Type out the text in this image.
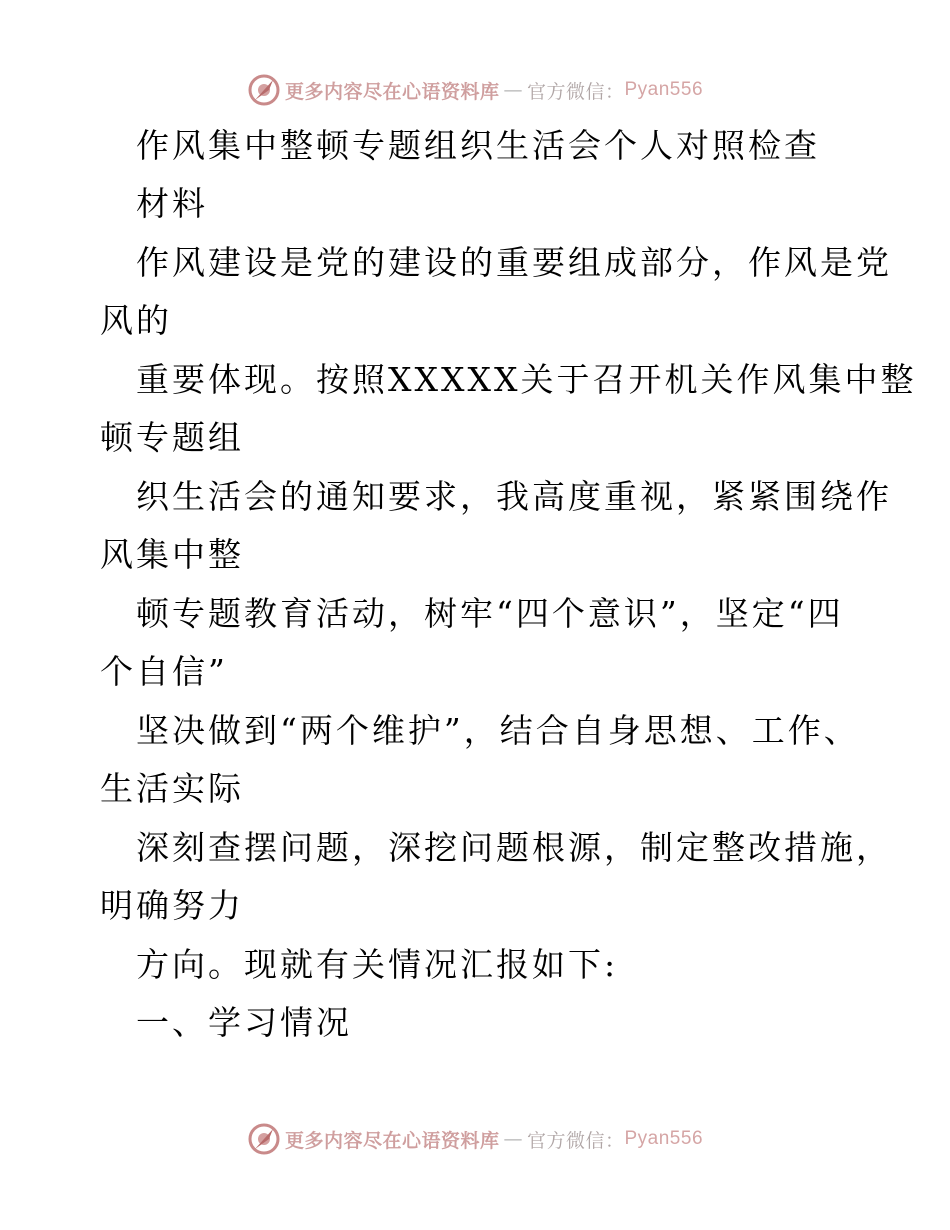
更多内容尽在心语资料库 — 官方微信： Pyan556
作风集中整顿专题组织生活会个人对照检查
材料
作风建设是党的建设的重要组成部分，作风是党
风的
重要体现。按照XXXXX关于召开机关作风集中整
顿专题组
织生活会的通知要求，我高度重视，紧紧围绕作
风集中整
顿专题教育活动，树牢“四个意识”，坚定“四
个自信”
坚决做到“两个维护”，结合自身思想、工作、
生活实际
深刻查摆问题，深挖问题根源，制定整改措施，
明确努力
方向。现就有关情况汇报如下:
一、学习情况
更多内容尽在心语资料库 — 官方微信： Pyan556
